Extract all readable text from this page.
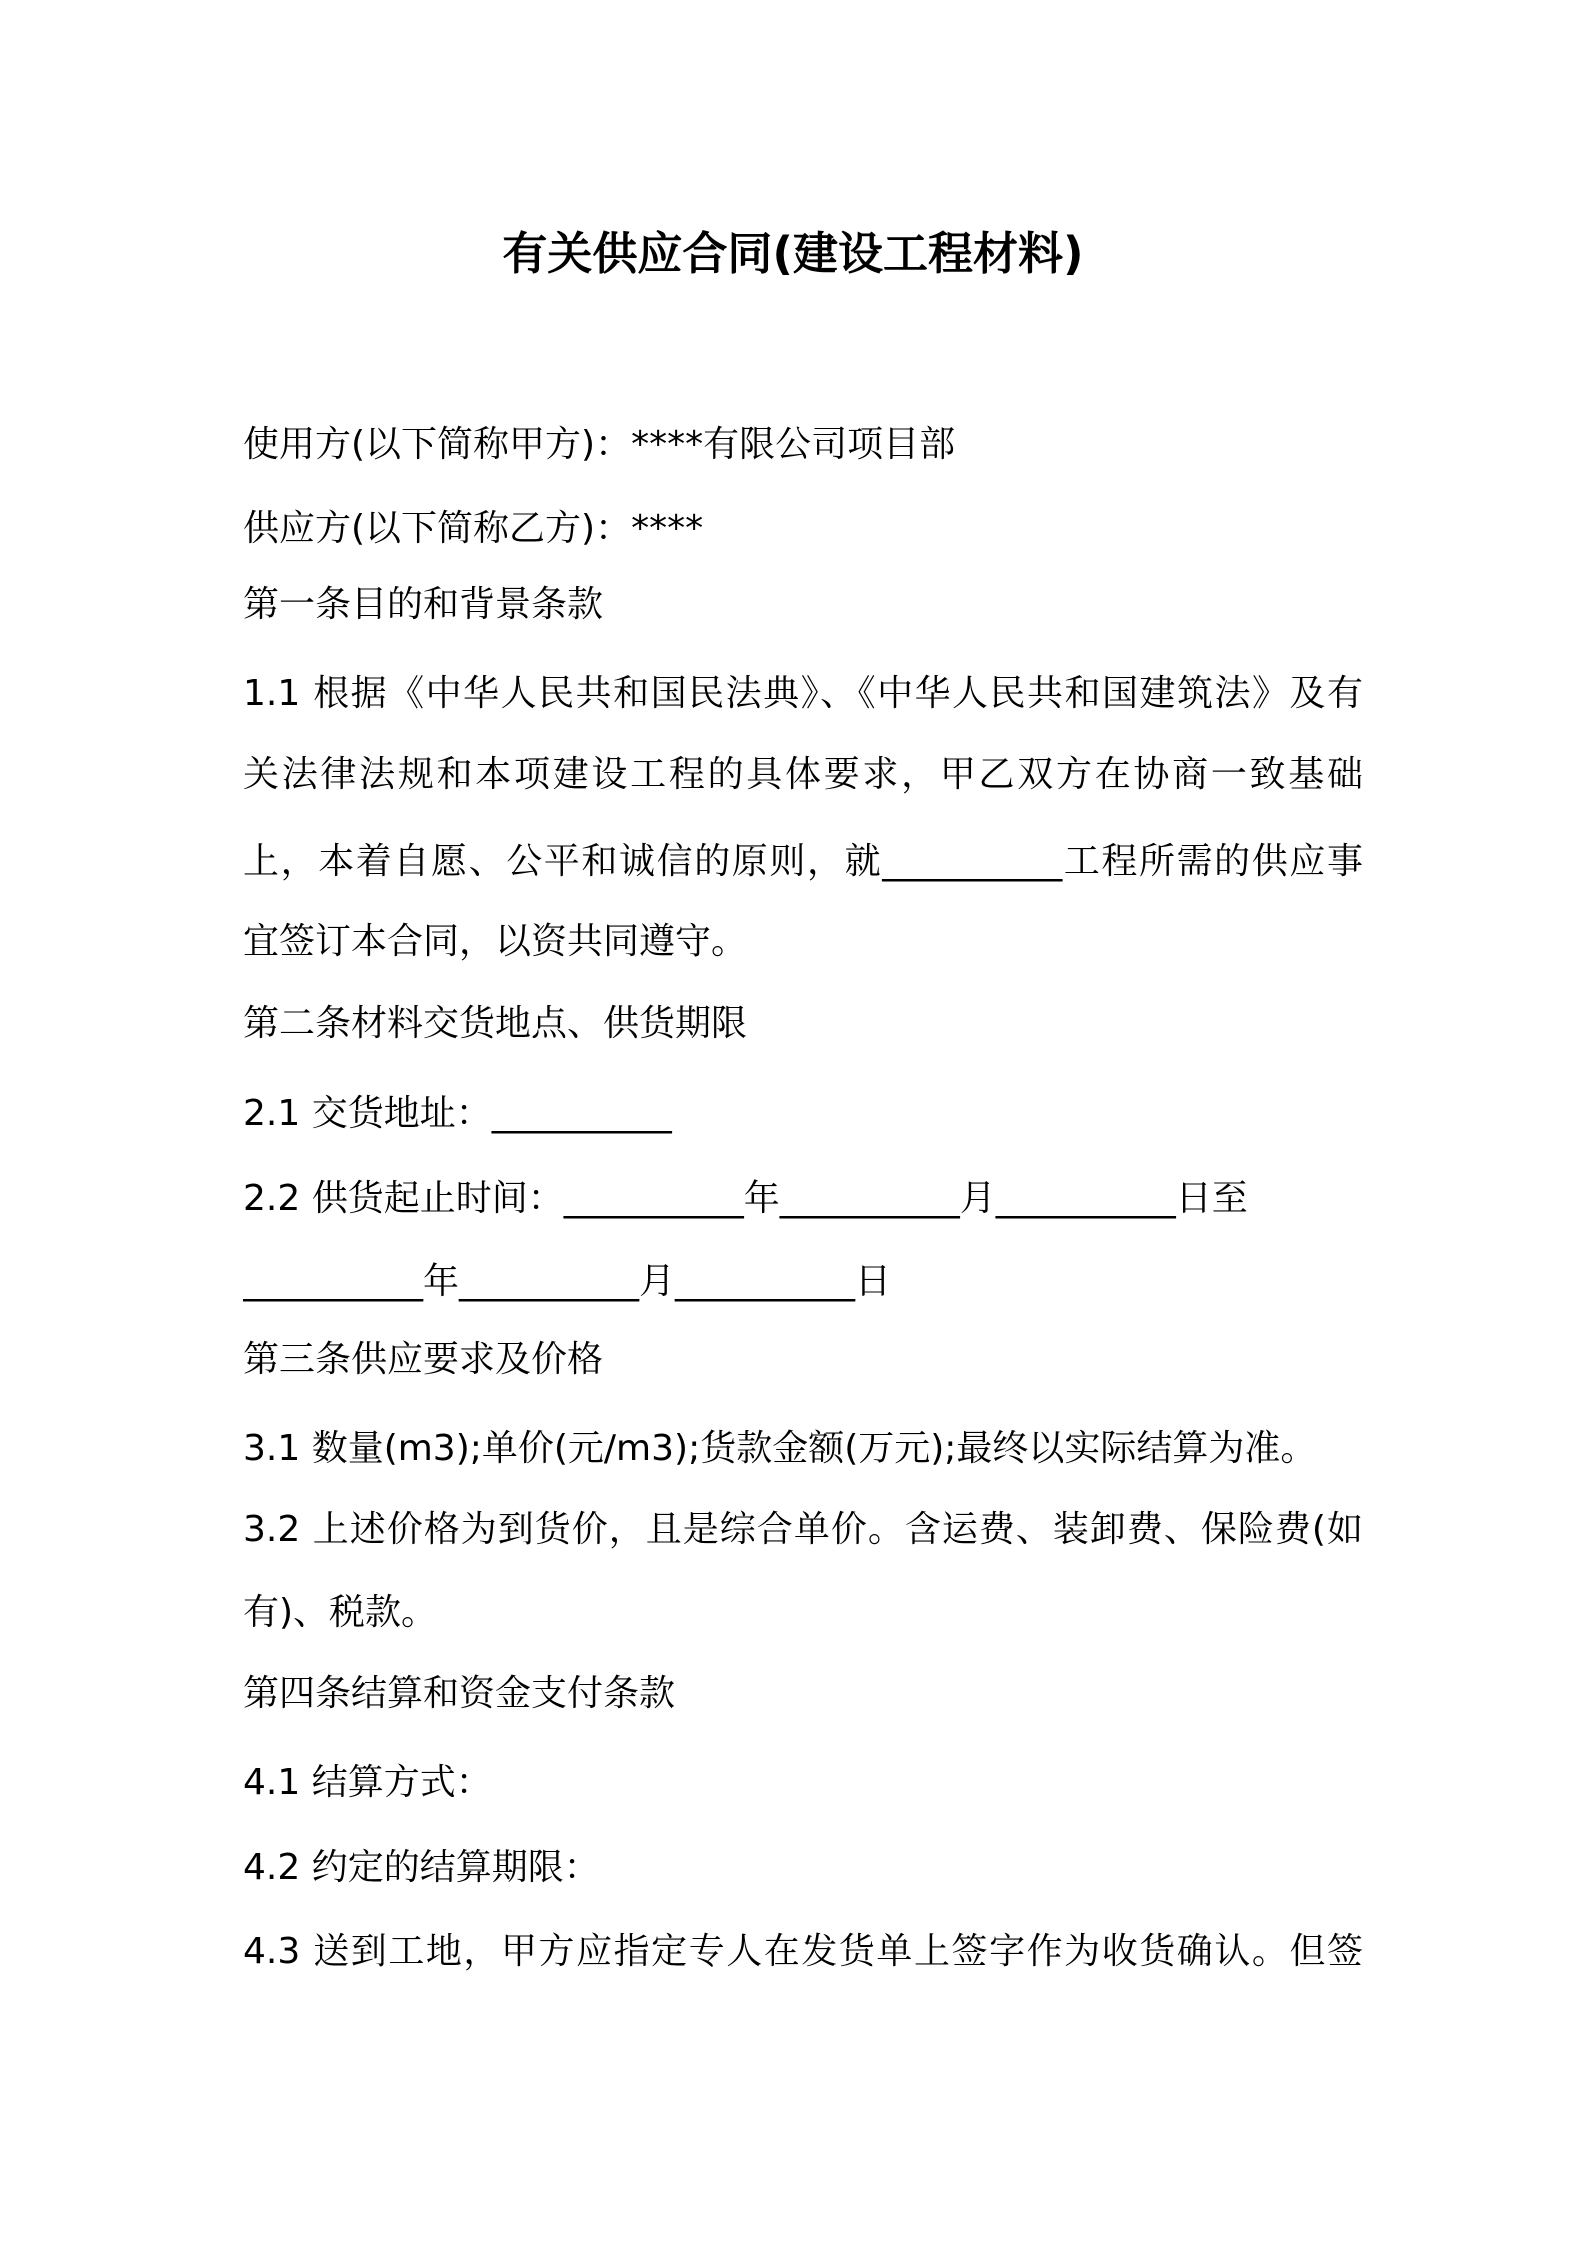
有关供应合同(建设工程材料)
使用方(以下简称甲方)：****有限公司项目部
供应方(以下简称乙方)：****
第一条目的和背景条款
1.1 根据《中华人民共和国民法典》、《中华人民共和国建筑法》及有
关法律法规和本项建设工程的具体要求，甲乙双方在协商一致基础
上，本着自愿、公平和诚信的原则，就__________工程所需的供应事
宜签订本合同，以资共同遵守。
第二条材料交货地点、供货期限
2.1 交货地址：__________
2.2 供货起止时间：__________年__________月__________日至
__________年__________月__________日
第三条供应要求及价格
3.1 数量(m3);单价(元/m3);货款金额(万元);最终以实际结算为准。
3.2 上述价格为到货价，且是综合单价。含运费、装卸费、保险费(如
有)、税款。
第四条结算和资金支付条款
4.1 结算方式：
4.2 约定的结算期限：
4.3 送到工地，甲方应指定专人在发货单上签字作为收货确认。但签
